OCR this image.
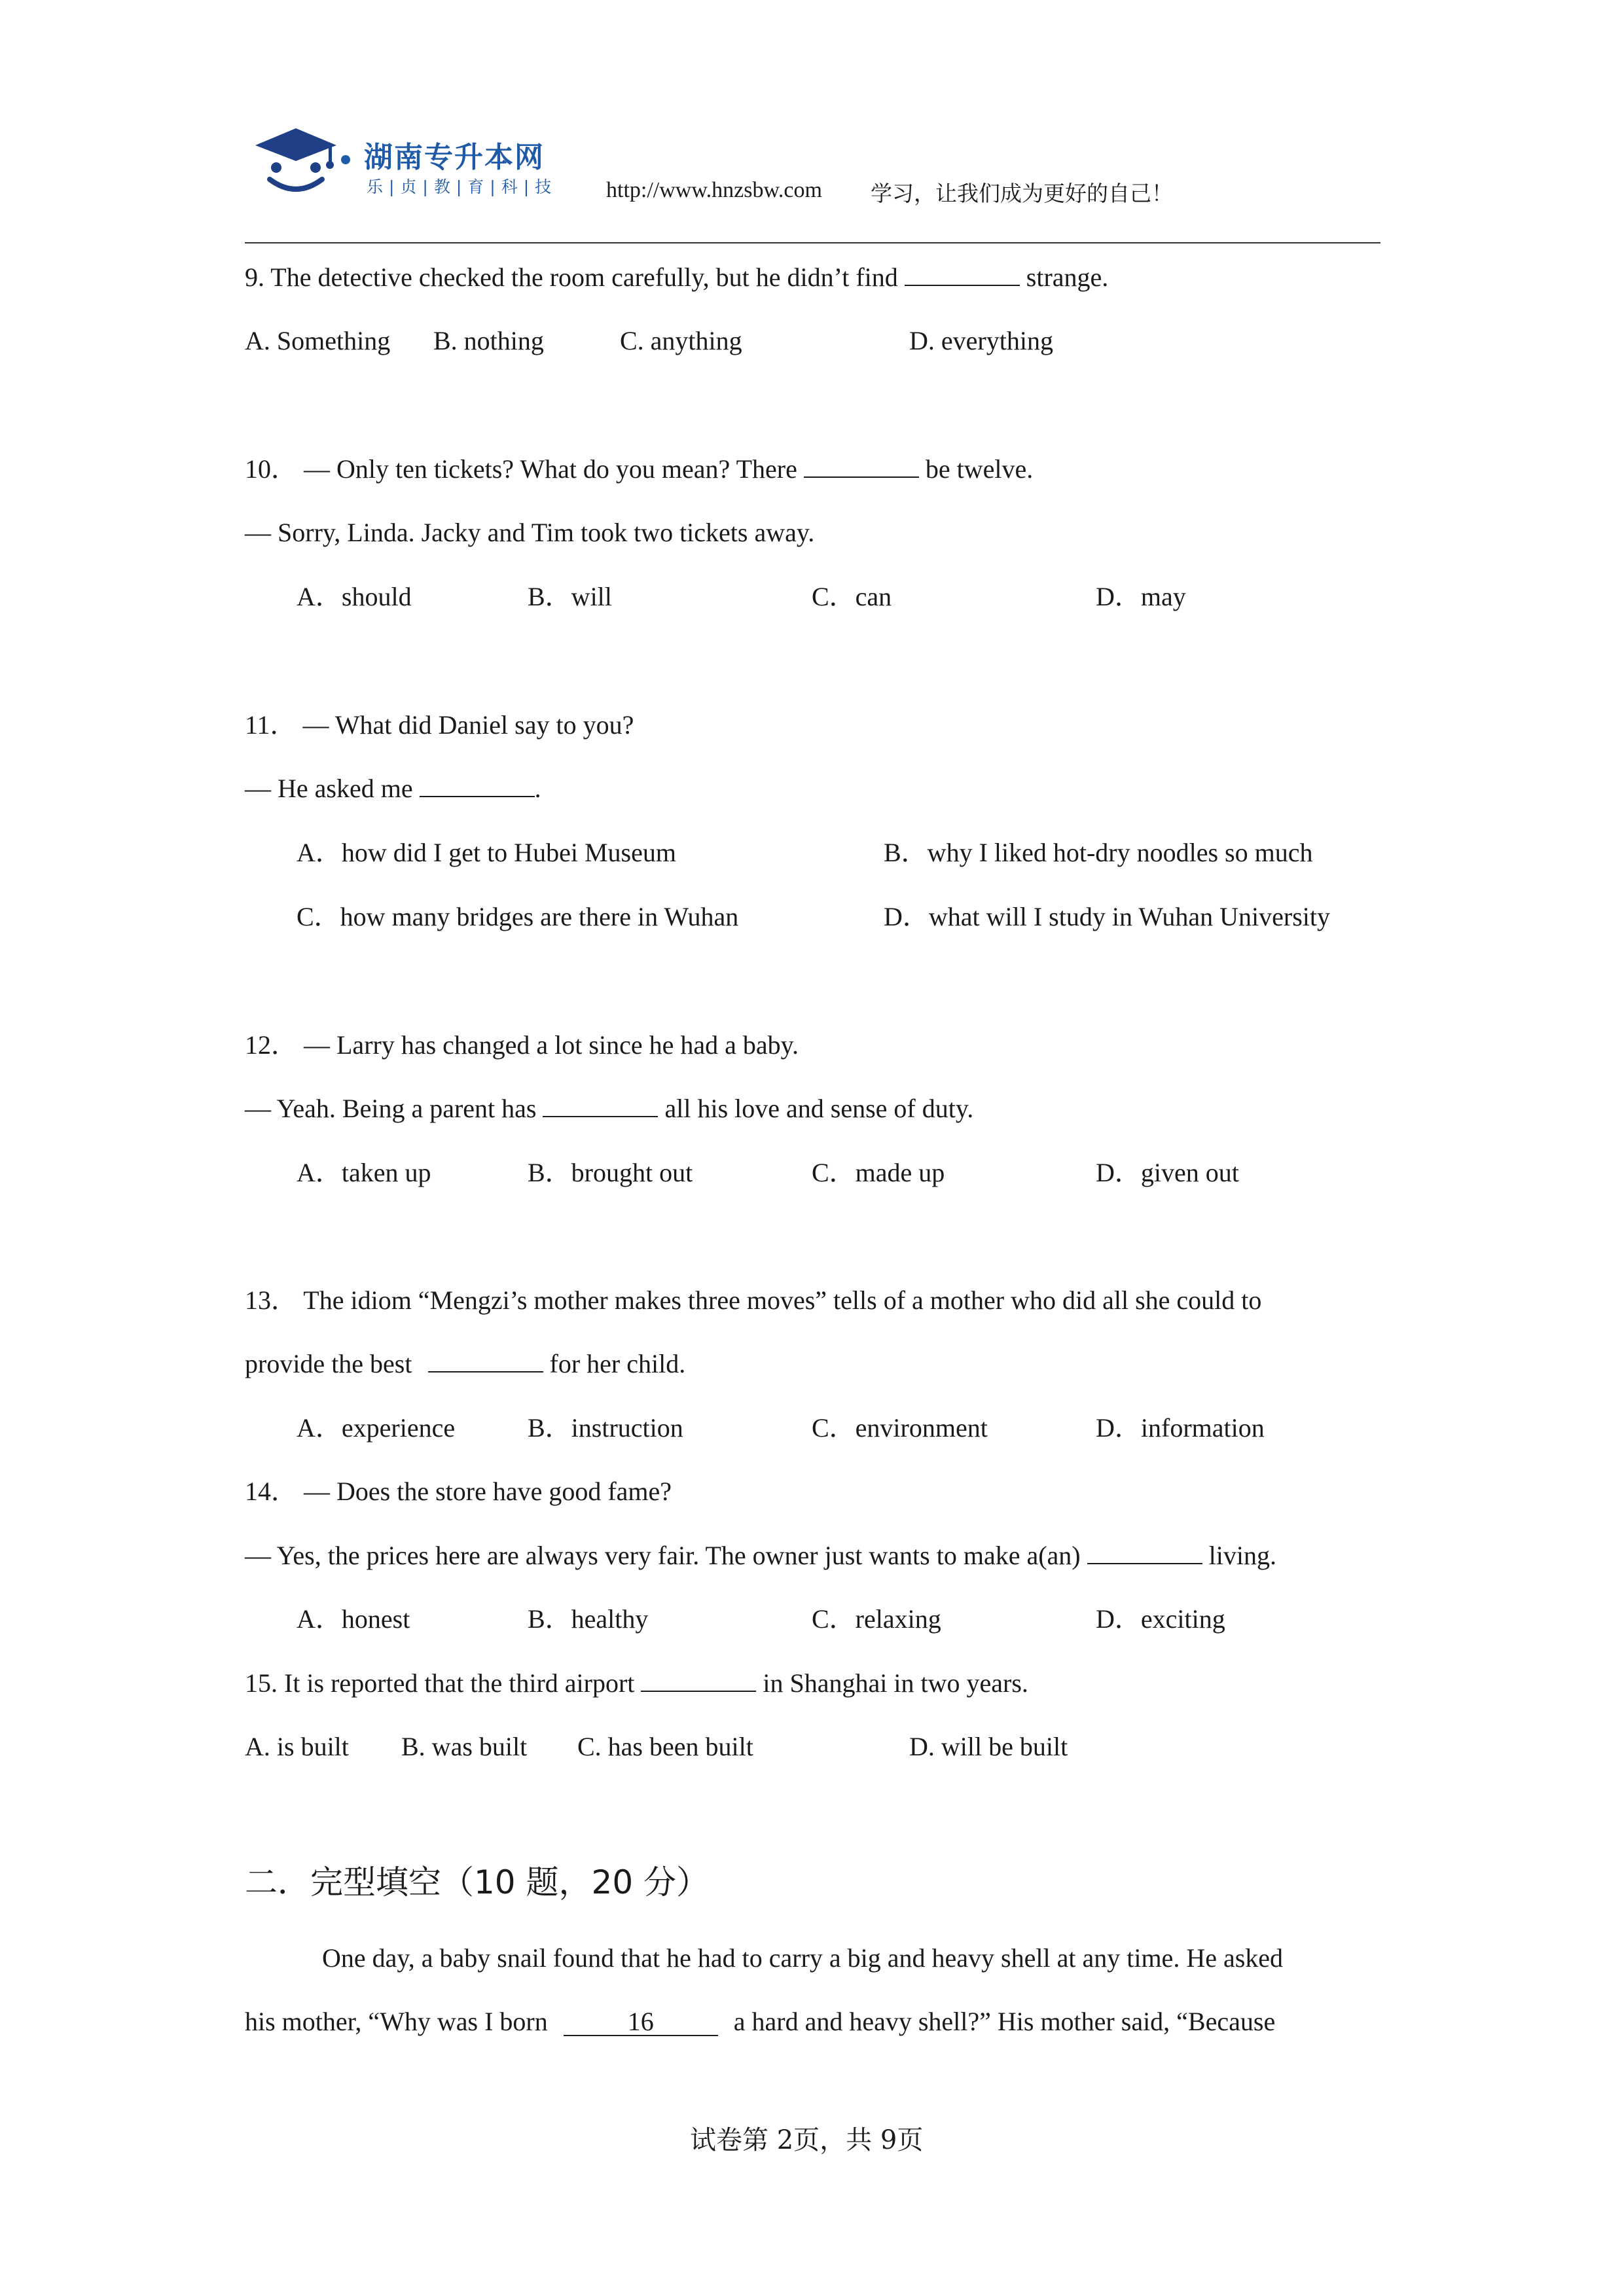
湖南专升本网
乐|贞|教|育|科|技 http://www.hnzsbw.com 学习，让我们成为更好的自己！
9. The detective checked the room carefully, but he didn’t find	strange.
A. Something B. nothing	C. anything	D. everything
10． — Only ten tickets? What do you mean? There	be twelve.
— Sorry, Linda. Jacky and Tim took two tickets away.
A．should	B．will	C．can	D．may
11． — What did Daniel say to you?
— He asked me	.
A．how did I get to Hubei Museum	B．why I liked hot-dry noodles so much
C．how many bridges are there in Wuhan	D．what will I study in Wuhan University
12． — Larry has changed a lot since he had a baby.
— Yeah. Being a parent has	all his love and sense of duty.
A．taken up	B．brought out	C．made up	D．given out
13． The idiom “Mengzi’s mother makes three moves” tells of a mother who did all she could to
provide the best	for her child.
A．experience	B．instruction	C．environment	D．information
14． — Does the store have good fame?
— Yes, the prices here are always very fair. The owner just wants to make a(an)	living.
A．honest	B．healthy	C．relaxing	D．exciting
15. It is reported that the third airport	in Shanghai in two years.
A. is built B. was built C. has been built	D. will be built
二．完型填空（10 题，20 分）
One day, a baby snail found that he had to carry a big and heavy shell at any time. He asked
his mother, “Why was I born	16	a hard and heavy shell?” His mother said, “Because
试卷第 2页，共 9页
